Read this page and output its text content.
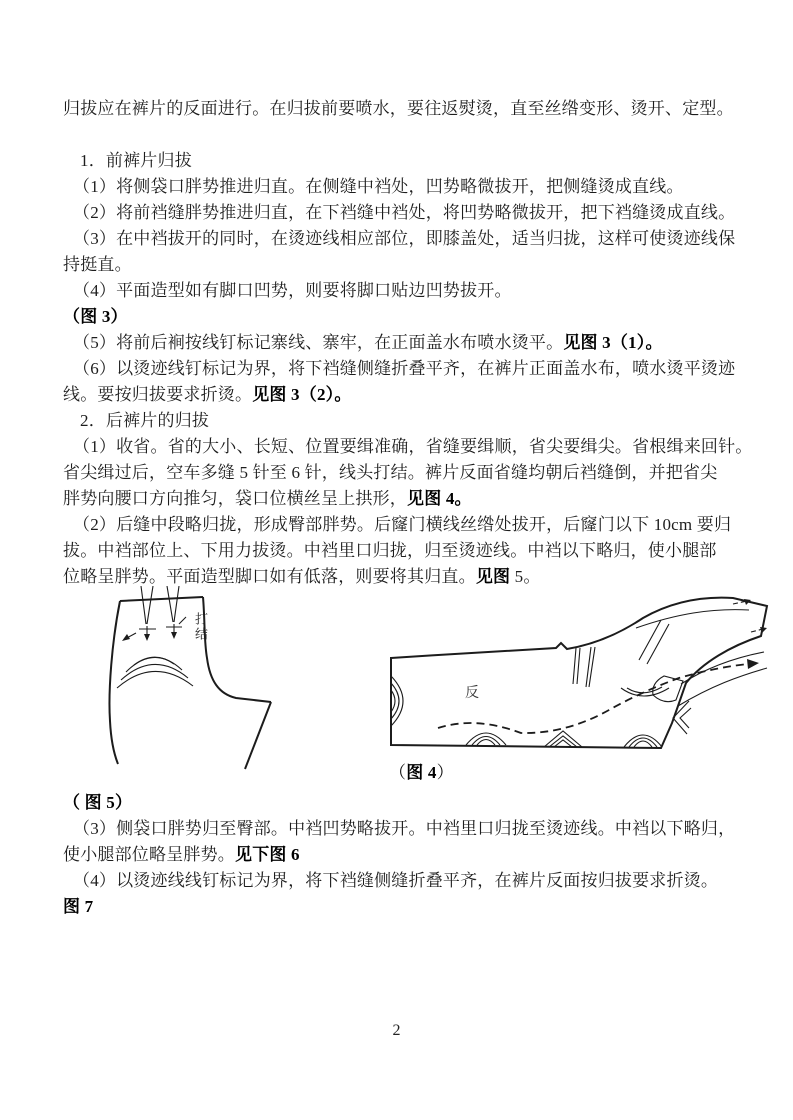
归拔应在裤片的反面进行。在归拔前要喷水，要往返熨烫，直至丝绺变形、烫开、定型。

1．前裤片归拔
（1）将侧袋口胖势推进归直。在侧缝中裆处，凹势略微拔开，把侧缝烫成直线。
（2）将前裆缝胖势推进归直，在下裆缝中裆处，将凹势略微拔开，把下裆缝烫成直线。
（3）在中裆拔开的同时，在烫迹线相应部位，即膝盖处，适当归拢，这样可使烫迹线保
持挺直。
（4）平面造型如有脚口凹势，则要将脚口贴边凹势拔开。
（图 3）
（5）将前后裥按线钉标记寨线、寨牢，在正面盖水布喷水烫平。见图 3（1）。
（6）以烫迹线钉标记为界，将下裆缝侧缝折叠平齐，在裤片正面盖水布，喷水烫平烫迹
线。要按归拔要求折烫。见图 3（2）。
2．后裤片的归拔
（1）收省。省的大小、长短、位置要缉准确，省缝要缉顺，省尖要缉尖。省根缉来回针。
省尖缉过后，空车多缝 5 针至 6 针，线头打结。裤片反面省缝均朝后裆缝倒，并把省尖
胖势向腰口方向推匀，袋口位横丝呈上拱形，见图 4。
（2）后缝中段略归拢，形成臀部胖势。后窿门横线丝绺处拔开，后窿门以下 10cm 要归
拔。中裆部位上、下用力拔烫。中裆里口归拢，归至烫迹线。中裆以下略归，使小腿部
位略呈胖势。平面造型脚口如有低落，则要将其归直。见图 5。
打结
反
（图 4）
（ 图 5）
（3）侧袋口胖势归至臀部。中裆凹势略拔开。中裆里口归拢至烫迹线。中裆以下略归，
使小腿部位略呈胖势。见下图 6
（4）以烫迹线线钉标记为界，将下裆缝侧缝折叠平齐，在裤片反面按归拔要求折烫。
图 7
2
